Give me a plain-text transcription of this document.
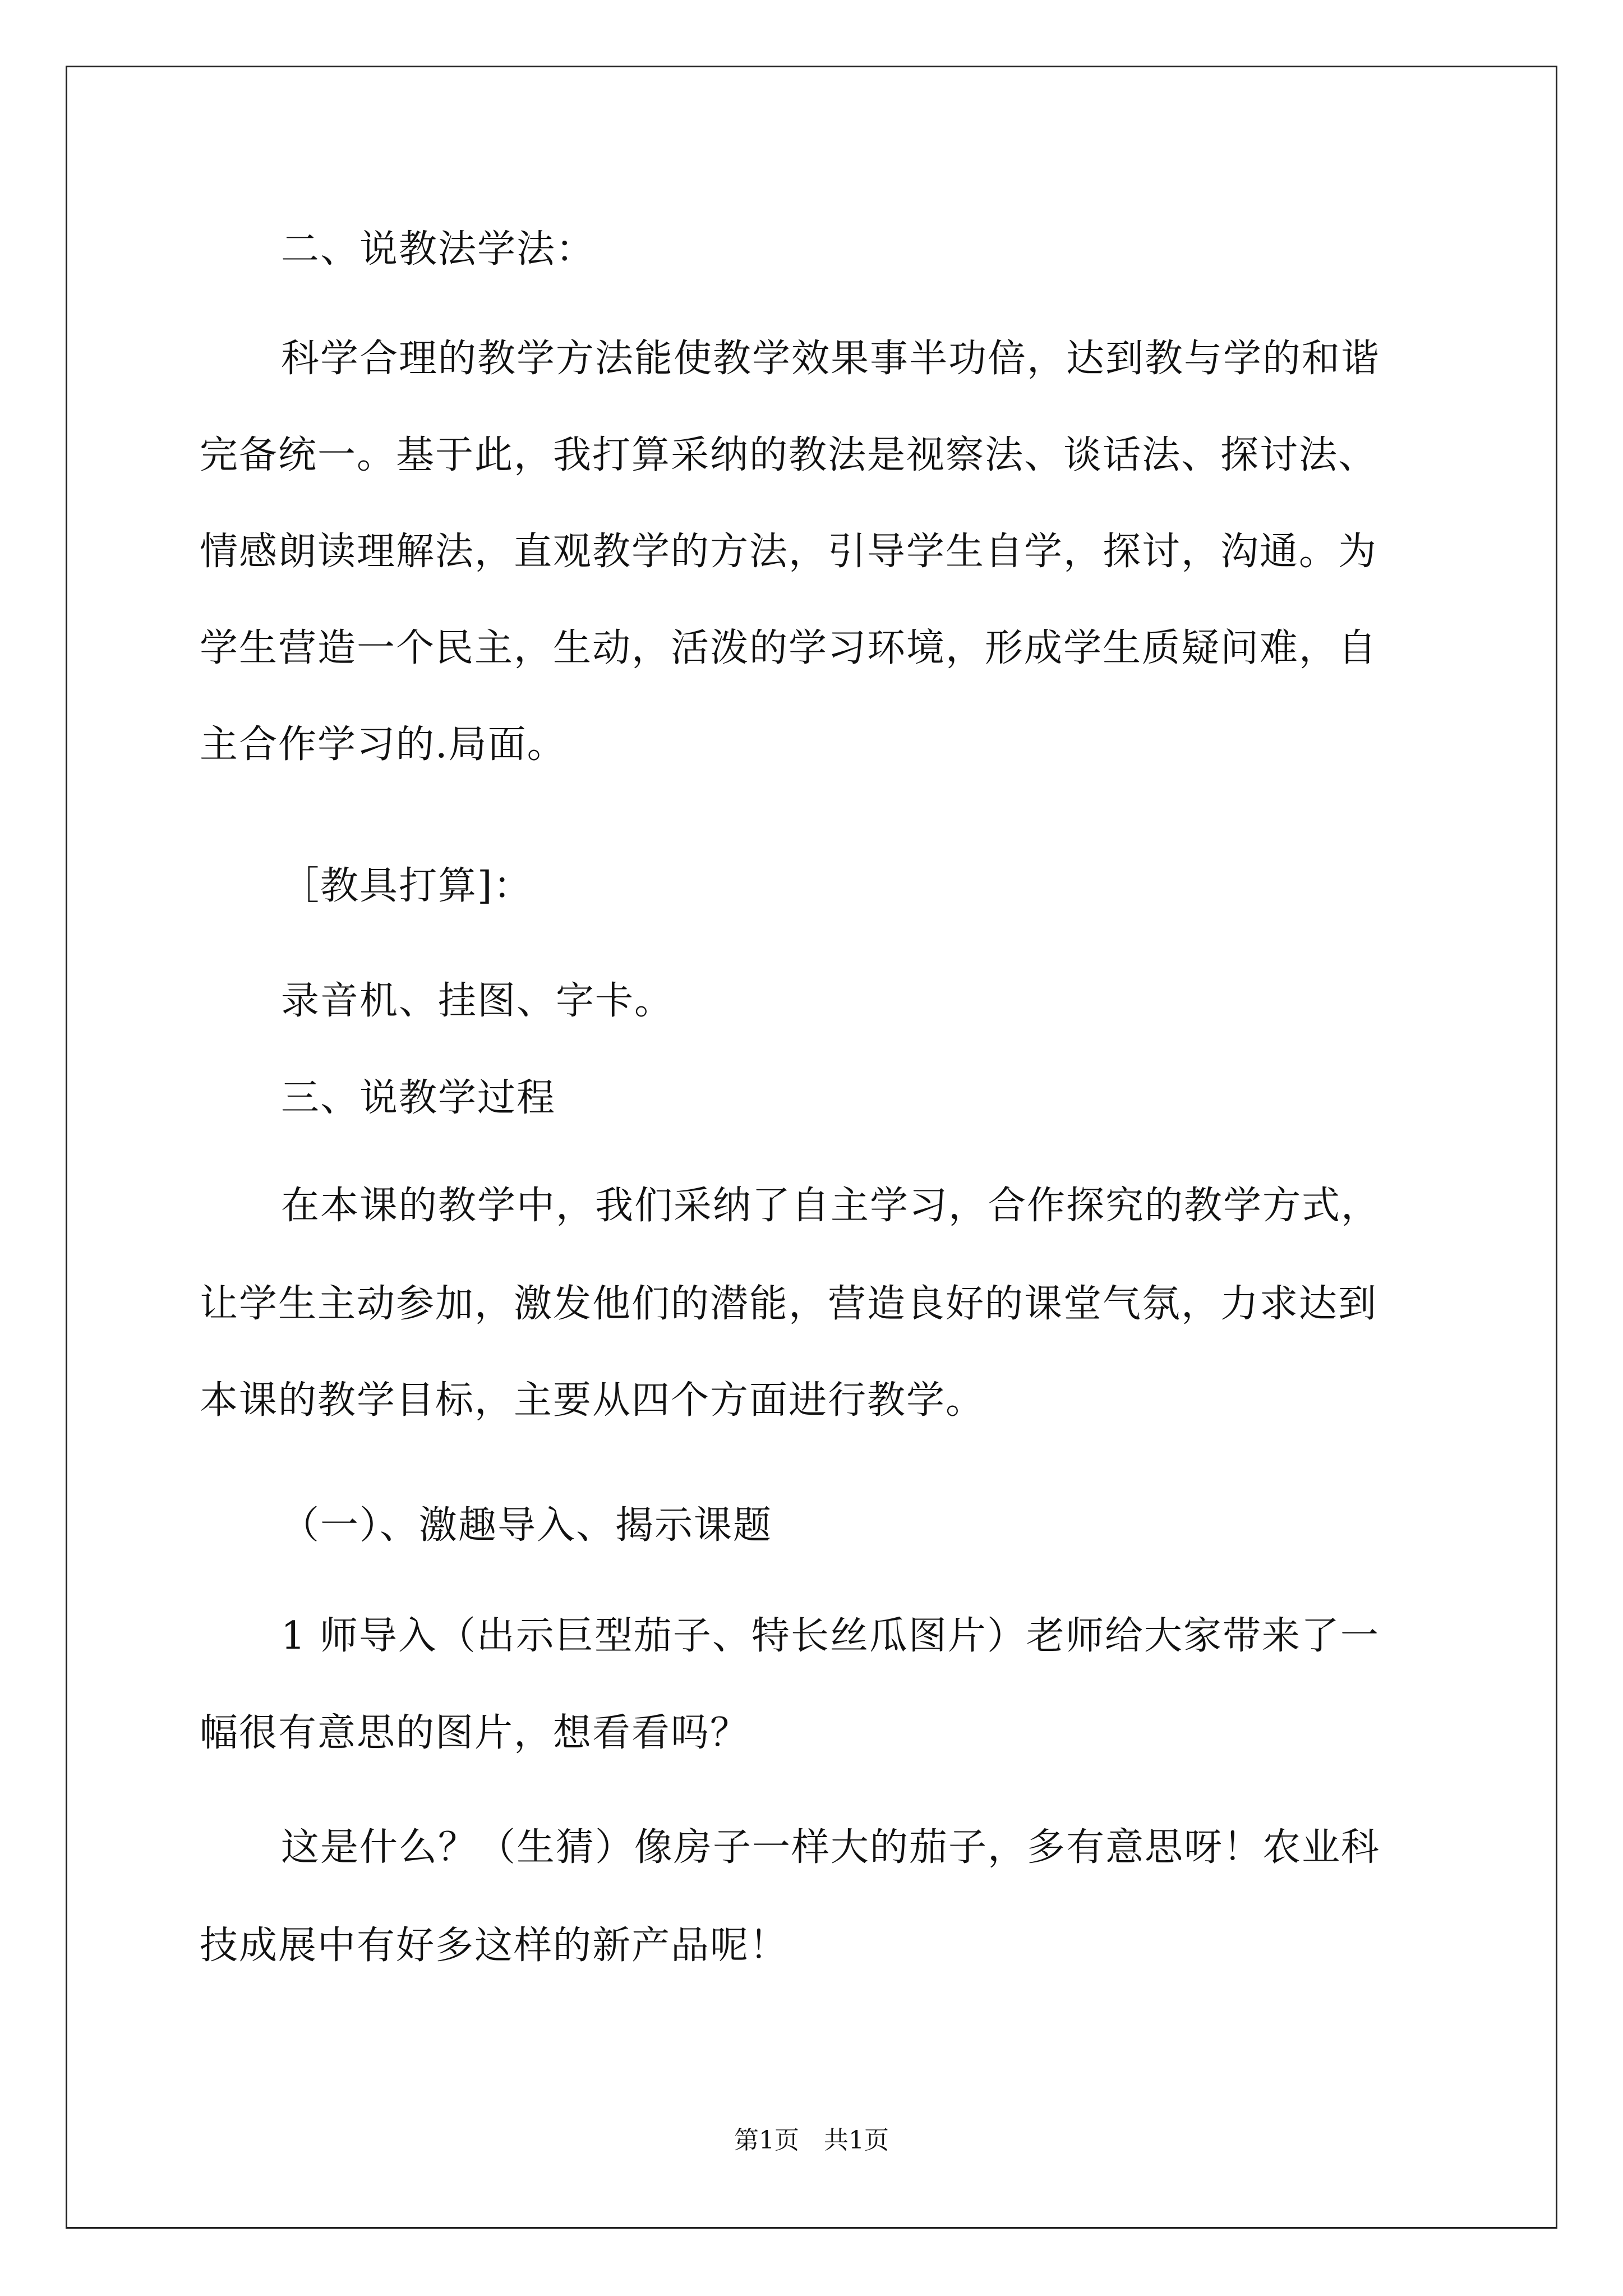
二、说教法学法：
科学合理的教学方法能使教学效果事半功倍，达到教与学的和谐
完备统一。基于此，我打算采纳的教法是视察法、谈话法、探讨法、
情感朗读理解法，直观教学的方法，引导学生自学，探讨，沟通。为
学生营造一个民主，生动，活泼的学习环境，形成学生质疑问难，自
主合作学习的.局面。
［教具打算]：
录音机、挂图、字卡。
三、说教学过程
在本课的教学中，我们采纳了自主学习，合作探究的教学方式，
让学生主动参加，激发他们的潜能，营造良好的课堂气氛，力求达到
本课的教学目标，主要从四个方面进行教学。
（一）、激趣导入、揭示课题
1 师导入（出示巨型茄子、特长丝瓜图片）老师给大家带来了一
幅很有意思的图片，想看看吗？
这是什么？（生猜）像房子一样大的茄子，多有意思呀！农业科
技成展中有好多这样的新产品呢！
第1页　共1页
